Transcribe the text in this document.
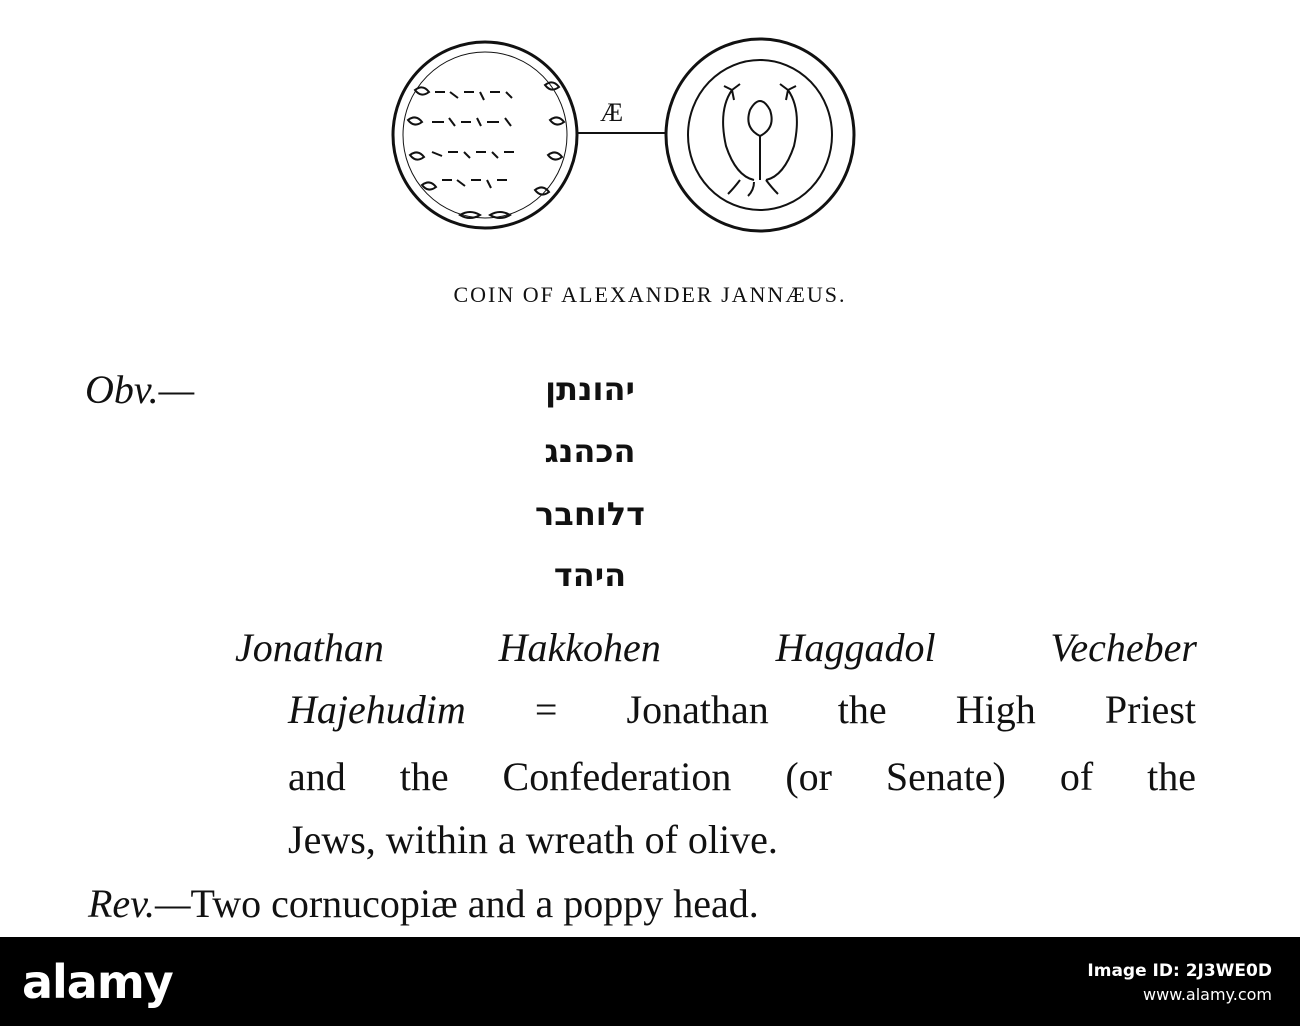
Æ
COIN OF ALEXANDER JANNÆUS.
Obv.—	יהונתן
הכהנג
דלוחבר
היהד
Jonathan Hakkohen Haggadol Vecheber
Hajehudim = Jonathan the High Priest
and the Confederation (or Senate) of the
Jews, within a wreath of olive.
Rev.—Two cornucopiæ and a poppy head.
alamy	Image ID: 2J3WE0D
www.alamy.com
